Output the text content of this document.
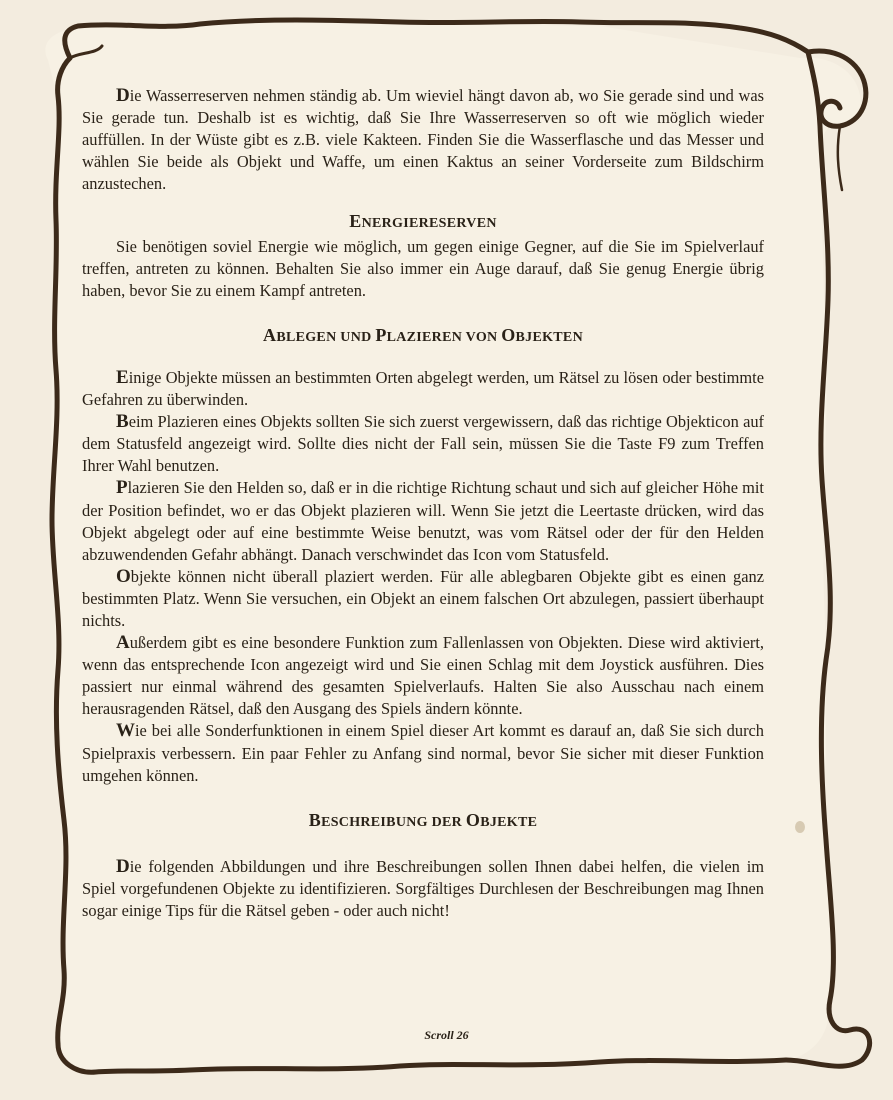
Die Wasserreserven nehmen ständig ab. Um wieviel hängt davon ab, wo Sie gerade sind und was Sie gerade tun. Deshalb ist es wichtig, daß Sie Ihre Wasserreserven so oft wie möglich wieder auffüllen. In der Wüste gibt es z.B. viele Kakteen. Finden Sie die Wasserflasche und das Messer und wählen Sie beide als Objekt und Waffe, um einen Kaktus an seiner Vorderseite zum Bildschirm anzustechen.

ENERGIERESERVEN

Sie benötigen soviel Energie wie möglich, um gegen einige Gegner, auf die Sie im Spielverlauf treffen, antreten zu können. Behalten Sie also immer ein Auge darauf, daß Sie genug Energie übrig haben, bevor Sie zu einem Kampf antreten.

ABLEGEN UND PLAZIEREN VON OBJEKTEN

Einige Objekte müssen an bestimmten Orten abgelegt werden, um Rätsel zu lösen oder bestimmte Gefahren zu überwinden.

Beim Plazieren eines Objekts sollten Sie sich zuerst vergewissern, daß das richtige Objekticon auf dem Statusfeld angezeigt wird. Sollte dies nicht der Fall sein, müssen Sie die Taste F9 zum Treffen Ihrer Wahl benutzen.

Plazieren Sie den Helden so, daß er in die richtige Richtung schaut und sich auf gleicher Höhe mit der Position befindet, wo er das Objekt plazieren will. Wenn Sie jetzt die Leertaste drücken, wird das Objekt abgelegt oder auf eine bestimmte Weise benutzt, was vom Rätsel oder der für den Helden abzuwendenden Gefahr abhängt. Danach verschwindet das Icon vom Statusfeld.

Objekte können nicht überall plaziert werden. Für alle ablegbaren Objekte gibt es einen ganz bestimmten Platz. Wenn Sie versuchen, ein Objekt an einem falschen Ort abzulegen, passiert überhaupt nichts.

Außerdem gibt es eine besondere Funktion zum Fallenlassen von Objekten. Diese wird aktiviert, wenn das entsprechende Icon angezeigt wird und Sie einen Schlag mit dem Joystick ausführen. Dies passiert nur einmal während des gesamten Spielverlaufs. Halten Sie also Ausschau nach einem herausragenden Rätsel, daß den Ausgang des Spiels ändern könnte.

Wie bei alle Sonderfunktionen in einem Spiel dieser Art kommt es darauf an, daß Sie sich durch Spielpraxis verbessern. Ein paar Fehler zu Anfang sind normal, bevor Sie sicher mit dieser Funktion umgehen können.

BESCHREIBUNG DER OBJEKTE

Die folgenden Abbildungen und ihre Beschreibungen sollen Ihnen dabei helfen, die vielen im Spiel vorgefundenen Objekte zu identifizieren. Sorgfältiges Durchlesen der Beschreibungen mag Ihnen sogar einige Tips für die Rätsel geben - oder auch nicht!

Scroll 26
